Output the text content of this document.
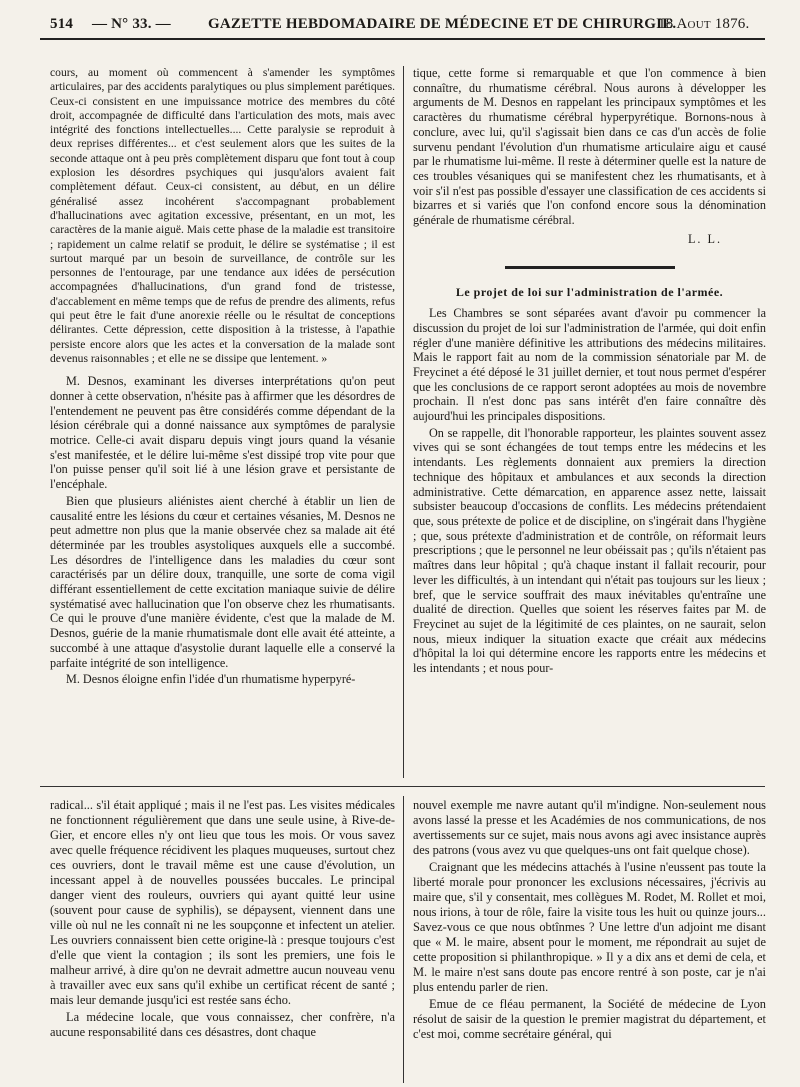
514 — N° 33. — GAZETTE HEBDOMADAIRE DE MÉDECINE ET DE CHIRURGIE.
18 Aout 1876.

cours, au moment où commencent à s'amender les symptômes articulaires, par des accidents paralytiques ou plus simplement parétiques. Ceux-ci consistent en une impuissance motrice des membres du côté droit, accompagnée de difficulté dans l'articulation des mots, mais avec intégrité des fonctions intellectuelles.... Cette paralysie se reproduit à deux reprises différentes... et c'est seulement alors que les suites de la seconde attaque ont à peu près complètement disparu que font tout à coup explosion les désordres psychiques qui jusqu'alors avaient fait complètement défaut. Ceux-ci consistent, au début, en un délire généralisé assez incohérent s'accompagnant probablement d'hallucinations avec agitation excessive, présentant, en un mot, les caractères de la manie aiguë. Mais cette phase de la maladie est transitoire ; rapidement un calme relatif se produit, le délire se systématise ; il est surtout marqué par un besoin de surveillance, de contrôle sur les personnes de l'entourage, par une tendance aux idées de persécution accompagnées d'hallucinations, d'un grand fond de tristesse, d'accablement en même temps que de refus de prendre des aliments, refus qui peut être le fait d'une anorexie réelle ou le résultat de conceptions délirantes. Cette dépression, cette disposition à la tristesse, à l'apathie persiste encore alors que les actes et la conversation de la malade sont devenus raisonnables ; et elle ne se dissipe que lentement. »

M. Desnos, examinant les diverses interprétations qu'on peut donner à cette observation, n'hésite pas à affirmer que les désordres de l'entendement ne peuvent pas être considérés comme dépendant de la lésion cérébrale qui a donné naissance aux symptômes de paralysie motrice. Celle-ci avait disparu depuis vingt jours quand la vésanie s'est manifestée, et le délire lui-même s'est dissipé trop vite pour que l'on puisse penser qu'il soit lié à une lésion grave et persistante de l'encéphale.

Bien que plusieurs aliénistes aient cherché à établir un lien de causalité entre les lésions du cœur et certaines vésanies, M. Desnos ne peut admettre non plus que la manie observée chez sa malade ait été déterminée par les troubles asystoliques auxquels elle a succombé. Les désordres de l'intelligence dans les maladies du cœur sont caractérisés par un délire doux, tranquille, une sorte de coma vigil différant essentiellement de cette excitation maniaque suivie de délire systématisé avec hallucination que l'on observe chez les rhumatisants. Ce qui le prouve d'une manière évidente, c'est que la malade de M. Desnos, guérie de la manie rhumatismale dont elle avait été atteinte, a succombé à une attaque d'asystolie durant laquelle elle a conservé la parfaite intégrité de son intelligence.

M. Desnos éloigne enfin l'idée d'un rhumatisme hyperpyré-

tique, cette forme si remarquable et que l'on commence à bien connaître, du rhumatisme cérébral. Nous aurons à développer les arguments de M. Desnos en rappelant les principaux symptômes et les caractères du rhumatisme cérébral hyperpyrétique. Bornons-nous à conclure, avec lui, qu'il s'agissait bien dans ce cas d'un accès de folie survenu pendant l'évolution d'un rhumatisme articulaire aigu et causé par le rhumatisme lui-même. Il reste à déterminer quelle est la nature de ces troubles vésaniques qui se manifestent chez les rhumatisants, et à voir s'il n'est pas possible d'essayer une classification de ces accidents si bizarres et si variés que l'on confond encore sous la dénomination générale de rhumatisme cérébral.

L. L.

Le projet de loi sur l'administration de l'armée.

Les Chambres se sont séparées avant d'avoir pu commencer la discussion du projet de loi sur l'administration de l'armée, qui doit enfin régler d'une manière définitive les attributions des médecins militaires. Mais le rapport fait au nom de la commission sénatoriale par M. de Freycinet a été déposé le 31 juillet dernier, et tout nous permet d'espérer que les conclusions de ce rapport seront adoptées au mois de novembre prochain. Il n'est donc pas sans intérêt d'en faire connaître dès aujourd'hui les principales dispositions.

On se rappelle, dit l'honorable rapporteur, les plaintes souvent assez vives qui se sont échangées de tout temps entre les médecins et les intendants. Les règlements donnaient aux premiers la direction technique des hôpitaux et ambulances et aux seconds la direction administrative. Cette démarcation, en apparence assez nette, laissait subsister beaucoup d'occasions de conflits. Les médecins prétendaient que, sous prétexte de police et de discipline, on s'ingérait dans l'hygiène ; que, sous prétexte d'administration et de contrôle, on réformait leurs prescriptions ; que le personnel ne leur obéissait pas ; qu'ils n'étaient pas maîtres dans leur hôpital ; qu'à chaque instant il fallait recourir, pour lever les difficultés, à un intendant qui n'était pas toujours sur les lieux ; bref, que le service souffrait des maux inévitables qu'entraîne une dualité de direction. Quelles que soient les réserves faites par M. de Freycinet au sujet de la légitimité de ces plaintes, on ne saurait, selon nous, mieux indiquer la situation exacte que créait aux médecins d'hôpital la loi qui détermine encore les rapports entre les médecins et les intendants ; et nous pour-

radical... s'il était appliqué ; mais il ne l'est pas. Les visites médicales ne fonctionnent régulièrement que dans une seule usine, à Rive-de-Gier, et encore elles n'y ont lieu que tous les mois. Or vous savez avec quelle fréquence récidivent les plaques muqueuses, surtout chez ces ouvriers, dont le travail même est une cause d'évolution, un incessant appel à de nouvelles poussées buccales. Le principal danger vient des rouleurs, ouvriers qui ayant quitté leur usine (souvent pour cause de syphilis), se dépaysent, viennent dans une ville où nul ne les connaît ni ne les soupçonne et infectent un atelier. Les ouvriers connaissent bien cette origine-là : presque toujours c'est d'elle que vient la contagion ; ils sont les premiers, une fois le malheur arrivé, à dire qu'on ne devrait admettre aucun nouveau venu à travailler avec eux sans qu'il exhibe un certificat récent de santé ; mais leur demande jusqu'ici est restée sans écho.

La médecine locale, que vous connaissez, cher confrère, n'a aucune responsabilité dans ces désastres, dont chaque

nouvel exemple me navre autant qu'il m'indigne. Non-seulement nous avons lassé la presse et les Académies de nos communications, de nos avertissements sur ce sujet, mais nous avons agi avec insistance auprès des patrons (vous avez vu que quelques-uns ont fait quelque chose).

Craignant que les médecins attachés à l'usine n'eussent pas toute la liberté morale pour prononcer les exclusions nécessaires, j'écrivis au maire que, s'il y consentait, mes collègues M. Rodet, M. Rollet et moi, nous irions, à tour de rôle, faire la visite tous les huit ou quinze jours... Savez-vous ce que nous obtînmes ? Une lettre d'un adjoint me disant que « M. le maire, absent pour le moment, me répondrait au sujet de cette proposition si philanthropique. » Il y a dix ans et demi de cela, et M. le maire n'est sans doute pas encore rentré à son poste, car je n'ai plus entendu parler de rien.

Emue de ce fléau permanent, la Société de médecine de Lyon résolut de saisir de la question le premier magistrat du département, et c'est moi, comme secrétaire général, qui
